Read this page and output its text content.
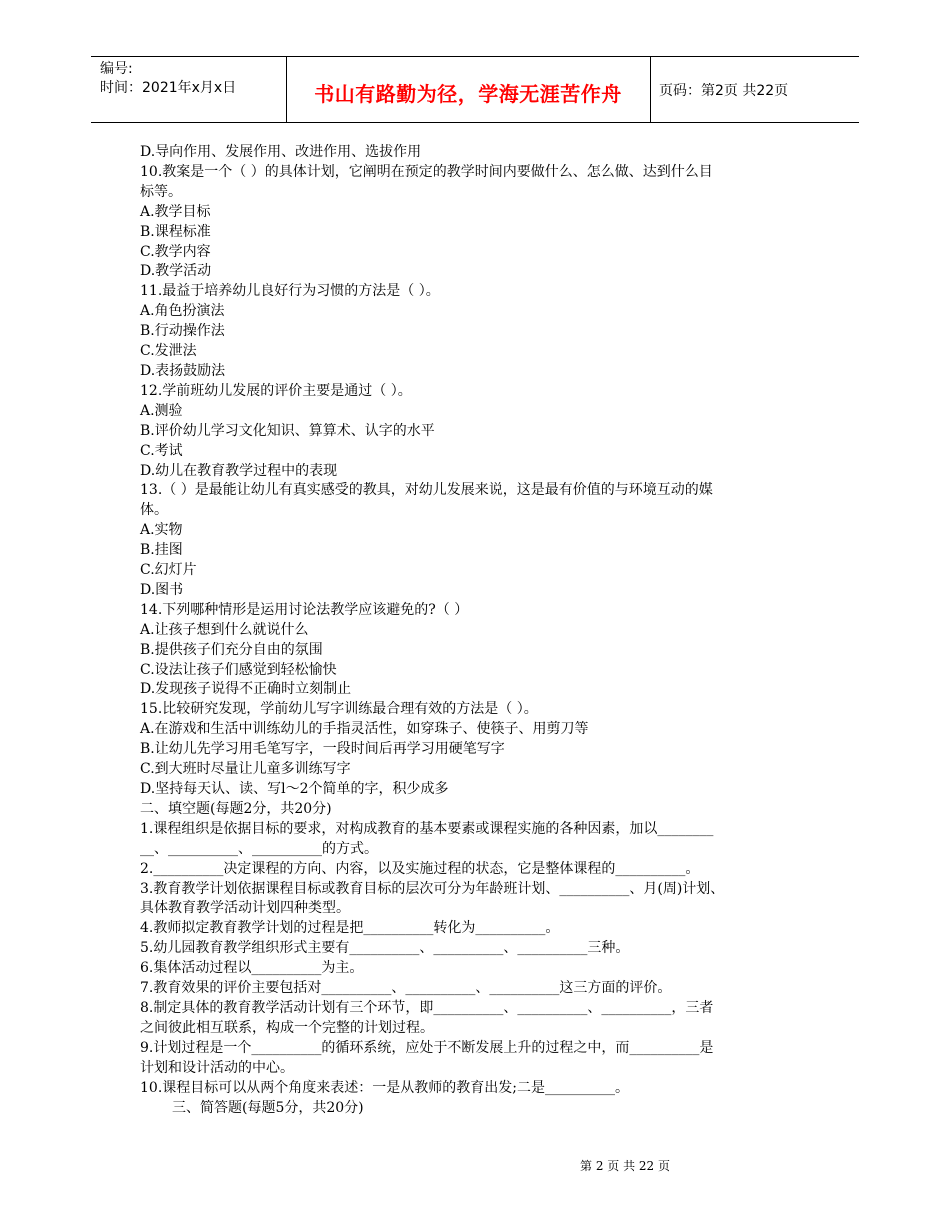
编号:
时间：2021年x月x日	书山有路勤为径，学海无涯苦作舟	页码：第2页 共22页
D.导向作用、发展作用、改进作用、选拔作用
10.教案是一个（ ）的具体计划，它阐明在预定的教学时间内要做什么、怎么做、达到什么目
标等。
A.教学目标
B.课程标准
C.教学内容
D.教学活动
11.最益于培养幼儿良好行为习惯的方法是（ ）。
A.角色扮演法
B.行动操作法
C.发泄法
D.表扬鼓励法
12.学前班幼儿发展的评价主要是通过（ ）。
A.测验
B.评价幼儿学习文化知识、算算术、认字的水平
C.考试
D.幼儿在教育教学过程中的表现
13.（ ）是最能让幼儿有真实感受的教具，对幼儿发展来说，这是最有价值的与环境互动的媒
体。
A.实物
B.挂图
C.幻灯片
D.图书
14.下列哪种情形是运用讨论法教学应该避免的?（ ）
A.让孩子想到什么就说什么
B.提供孩子们充分自由的氛围
C.设法让孩子们感觉到轻松愉快
D.发现孩子说得不正确时立刻制止
15.比较研究发现，学前幼儿写字训练最合理有效的方法是（ ）。
A.在游戏和生活中训练幼儿的手指灵活性，如穿珠子、使筷子、用剪刀等
B.让幼儿先学习用毛笔写字，一段时间后再学习用硬笔写字
C.到大班时尽量让儿童多训练写字
D.坚持每天认、读、写l～2个简单的字，积少成多
二、填空题(每题2分，共20分)
1.课程组织是依据目标的要求，对构成教育的基本要素或课程实施的各种因素，加以________
__、__________、__________的方式。
2.__________决定课程的方向、内容，以及实施过程的状态，它是整体课程的__________。
3.教育教学计划依据课程目标或教育目标的层次可分为年龄班计划、__________、月(周)计划、
具体教育教学活动计划四种类型。
4.教师拟定教育教学计划的过程是把__________转化为__________。
5.幼儿园教育教学组织形式主要有__________、__________、__________三种。
6.集体活动过程以__________为主。
7.教育效果的评价主要包括对__________、__________、__________这三方面的评价。
8.制定具体的教育教学活动计划有三个环节，即__________、__________、__________，三者
之间彼此相互联系，构成一个完整的计划过程。
9.计划过程是一个__________的循环系统，应处于不断发展上升的过程之中，而__________是
计划和设计活动的中心。
10.课程目标可以从两个角度来表述：一是从教师的教育出发;二是__________。
三、简答题(每题5分，共20分)
第 2 页 共 22 页
